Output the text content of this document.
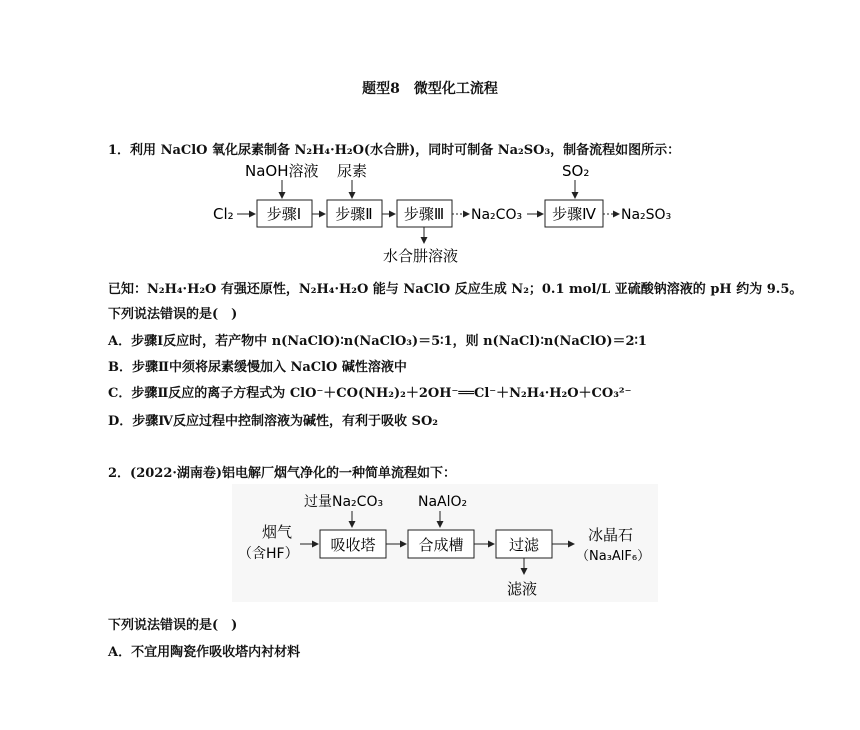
题型8　微型化工流程
1．利用 NaClO 氧化尿素制备 N₂H₄·H₂O(水合肼)，同时可制备 Na₂SO₃，制备流程如图所示：
NaOH溶液 尿素	SO₂
Cl₂ 步骤Ⅰ 步骤Ⅱ 步骤Ⅲ Na₂CO₃ 步骤Ⅳ Na₂SO₃
水合肼溶液
已知：N₂H₄·H₂O 有强还原性，N₂H₄·H₂O 能与 NaClO 反应生成 N₂；0.1 mol/L 亚硫酸钠溶液的 pH 约为 9.5。
下列说法错误的是(　)
A．步骤Ⅰ反应时，若产物中 n(NaClO)∶n(NaClO₃)＝5∶1，则 n(NaCl)∶n(NaClO)＝2∶1
B．步骤Ⅱ中须将尿素缓慢加入 NaClO 碱性溶液中
C．步骤Ⅱ反应的离子方程式为 ClO⁻＋CO(NH₂)₂＋2OH⁻══Cl⁻＋N₂H₄·H₂O＋CO₃²⁻
D．步骤Ⅳ反应过程中控制溶液为碱性，有利于吸收 SO₂
2．(2022·湖南卷)铝电解厂烟气净化的一种简单流程如下：
过量Na₂CO₃ NaAlO₂
烟气
（含HF） 吸收塔	合成槽	过滤
冰晶石
（Na₃AlF₆）
滤液
下列说法错误的是(　)
A．不宜用陶瓷作吸收塔内衬材料
